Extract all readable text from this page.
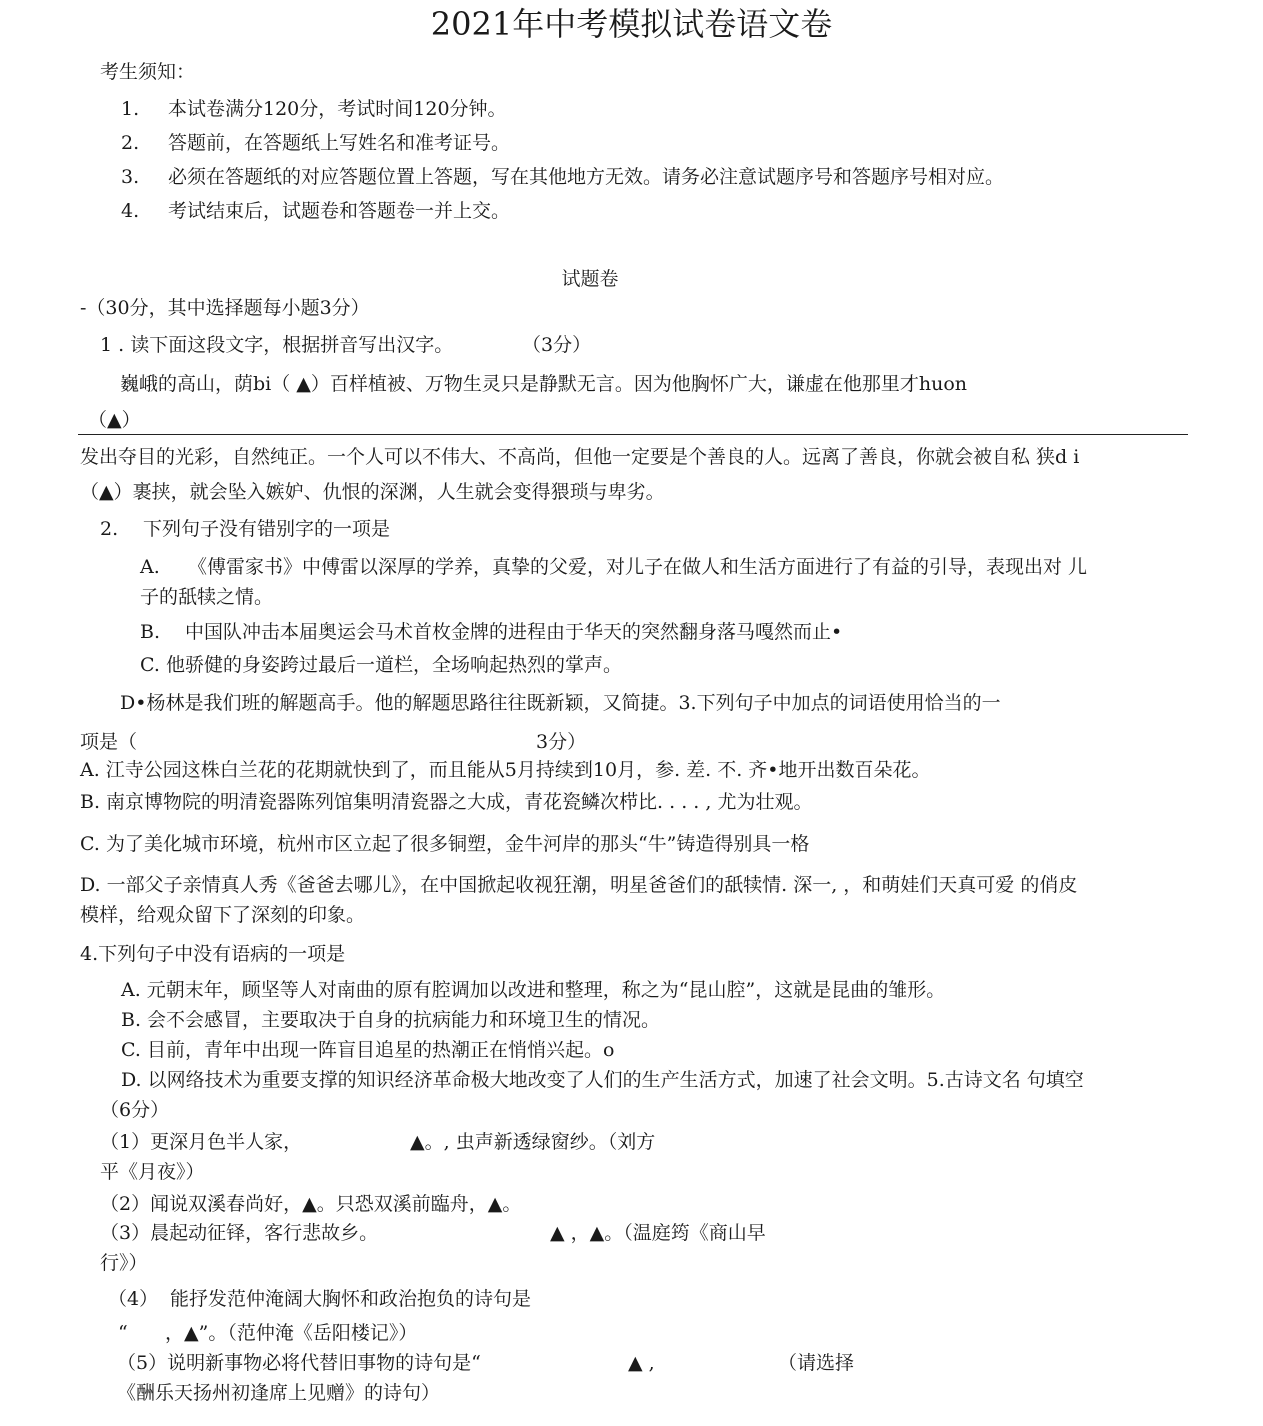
2021年中考模拟试卷语文卷
考生须知：
1. 本试卷满分120分，考试时间120分钟。
2. 答题前，在答题纸上写姓名和准考证号。
3. 必须在答题纸的对应答题位置上答题，写在其他地方无效。请务必注意试题序号和答题序号相对应。
4. 考试结束后，试题卷和答题卷一并上交。
试题卷
-（30分，其中选择题每小题3分）
1 . 读下面这段文字，根据拼音写出汉字。	（3分）
巍峨的高山，荫bi（ ▲）百样植被、万物生灵只是静默无言。因为他胸怀广大，谦虚在他那里才huon
（▲）
发出夺目的光彩，自然纯正。一个人可以不伟大、不高尚，但他一定要是个善良的人。远离了善良，你就会被自私 狭d i
（▲）裹挟，就会坠入嫉妒、仇恨的深渊，人生就会变得猥琐与卑劣。
2. 下列句子没有错别字的一项是
A. 《傅雷家书》中傅雷以深厚的学养，真挚的父爱，对儿子在做人和生活方面进行了有益的引导，表现出对 儿
子的舐犊之情。
B. 中国队冲击本届奥运会马术首枚金牌的进程由于华天的突然翻身落马嘎然而止•
C. 他骄健的身姿跨过最后一道栏，全场响起热烈的掌声。
D•杨林是我们班的解题高手。他的解题思路往往既新颖，又简捷。3.下列句子中加点的词语使用恰当的一
项是（	3分）
A. 江寺公园这株白兰花的花期就快到了，而且能从5月持续到10月，参. 差. 不. 齐•地开出数百朵花。
B. 南京博物院的明清瓷器陈列馆集明清瓷器之大成，青花瓷鳞次栉比. . . . , 尤为壮观。
C. 为了美化城市环境，杭州市区立起了很多铜塑，金牛河岸的那头“牛”铸造得别具一格
D. 一部父子亲情真人秀《爸爸去哪儿》，在中国掀起收视狂潮，明星爸爸们的舐犊情. 深一, ，和萌娃们天真可爱 的俏皮
模样，给观众留下了深刻的印象。
4.下列句子中没有语病的一项是
A. 元朝末年，顾坚等人对南曲的原有腔调加以改进和整理，称之为“昆山腔”，这就是昆曲的雏形。
B. 会不会感冒，主要取决于自身的抗病能力和环境卫生的情况。
C. 目前，青年中出现一阵盲目追星的热潮正在悄悄兴起。o
D. 以网络技术为重要支撑的知识经济革命极大地改变了人们的生产生活方式，加速了社会文明。5.古诗文名 句填空
（6分）
（1）更深月色半人家，	▲。, 虫声新透绿窗纱。（刘方
平《月夜》）
（2）闻说双溪春尚好，▲。只恐双溪前臨舟，▲。
（3）晨起动征铎，客行悲故乡。	▲ ，▲。（温庭筠《商山早
行》）
（4） 能抒发范仲淹阔大胸怀和政治抱负的诗句是
“ ，▲”。（范仲淹《岳阳楼记》）
（5）说明新事物必将代替旧事物的诗句是“	▲ ,	（请选择
《酬乐天扬州初逢席上见赠》的诗句）
